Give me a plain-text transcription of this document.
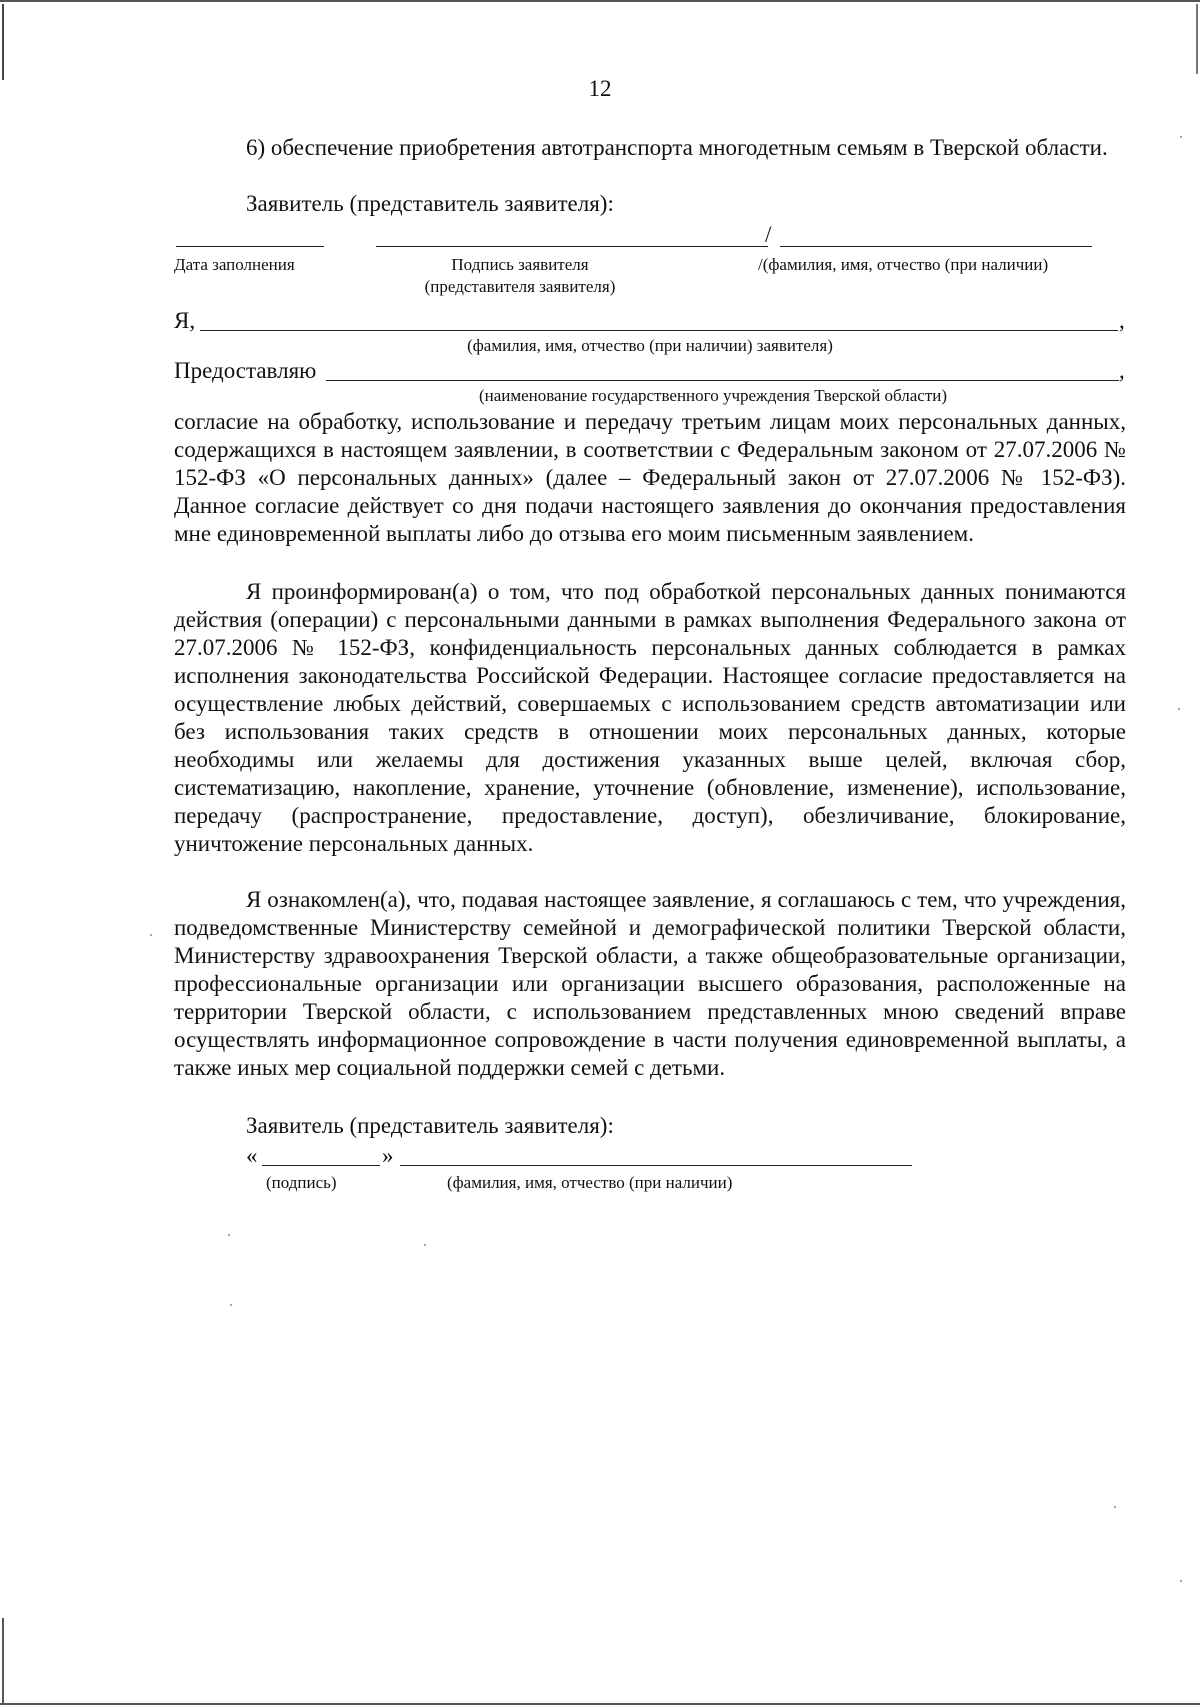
12
6) обеспечение приобретения автотранспорта многодетным семьям в Тверской области.
Заявитель (представитель заявителя):
/
Дата заполнения	Подпись заявителя
(представителя заявителя)
/(фамилия, имя, отчество (при наличии)
Я,	,
(фамилия, имя, отчество (при наличии) заявителя)
Предоставляю	,
(наименование государственного учреждения Тверской области)
согласие на обработку, использование и передачу третьим лицам моих персональных данных, содержащихся в настоящем заявлении, в соответствии с Федеральным законом от 27.07.2006 № 152-ФЗ «О персональных данных» (далее – Федеральный закон от 27.07.2006 № 152-ФЗ). Данное согласие действует со дня подачи настоящего заявления до окончания предоставления мне единовременной выплаты либо до отзыва его моим письменным заявлением.
Я проинформирован(а) о том, что под обработкой персональных данных понимаются действия (операции) с персональными данными в рамках выполнения Федерального закона от 27.07.2006 № 152-ФЗ, конфиденциальность персональных данных соблюдается в рамках исполнения законодательства Российской Федерации. Настоящее согласие предоставляется на осуществление любых действий, совершаемых с использованием средств автоматизации или без использования таких средств в отношении моих персональных данных, которые необходимы или желаемы для достижения указанных выше целей, включая сбор, систематизацию, накопление, хранение, уточнение (обновление, изменение), использование, передачу (распространение, предоставление, доступ), обезличивание, блокирование, уничтожение персональных данных.
Я ознакомлен(а), что, подавая настоящее заявление, я соглашаюсь с тем, что учреждения, подведомственные Министерству семейной и демографической политики Тверской области, Министерству здравоохранения Тверской области, а также общеобразовательные организации, профессиональные организации или организации высшего образования, расположенные на территории Тверской области, с использованием представленных мною сведений вправе осуществлять информационное сопровождение в части получения единовременной выплаты, а также иных мер социальной поддержки семей с детьми.
Заявитель (представитель заявителя):
«	»
(подпись)	(фамилия, имя, отчество (при наличии)
